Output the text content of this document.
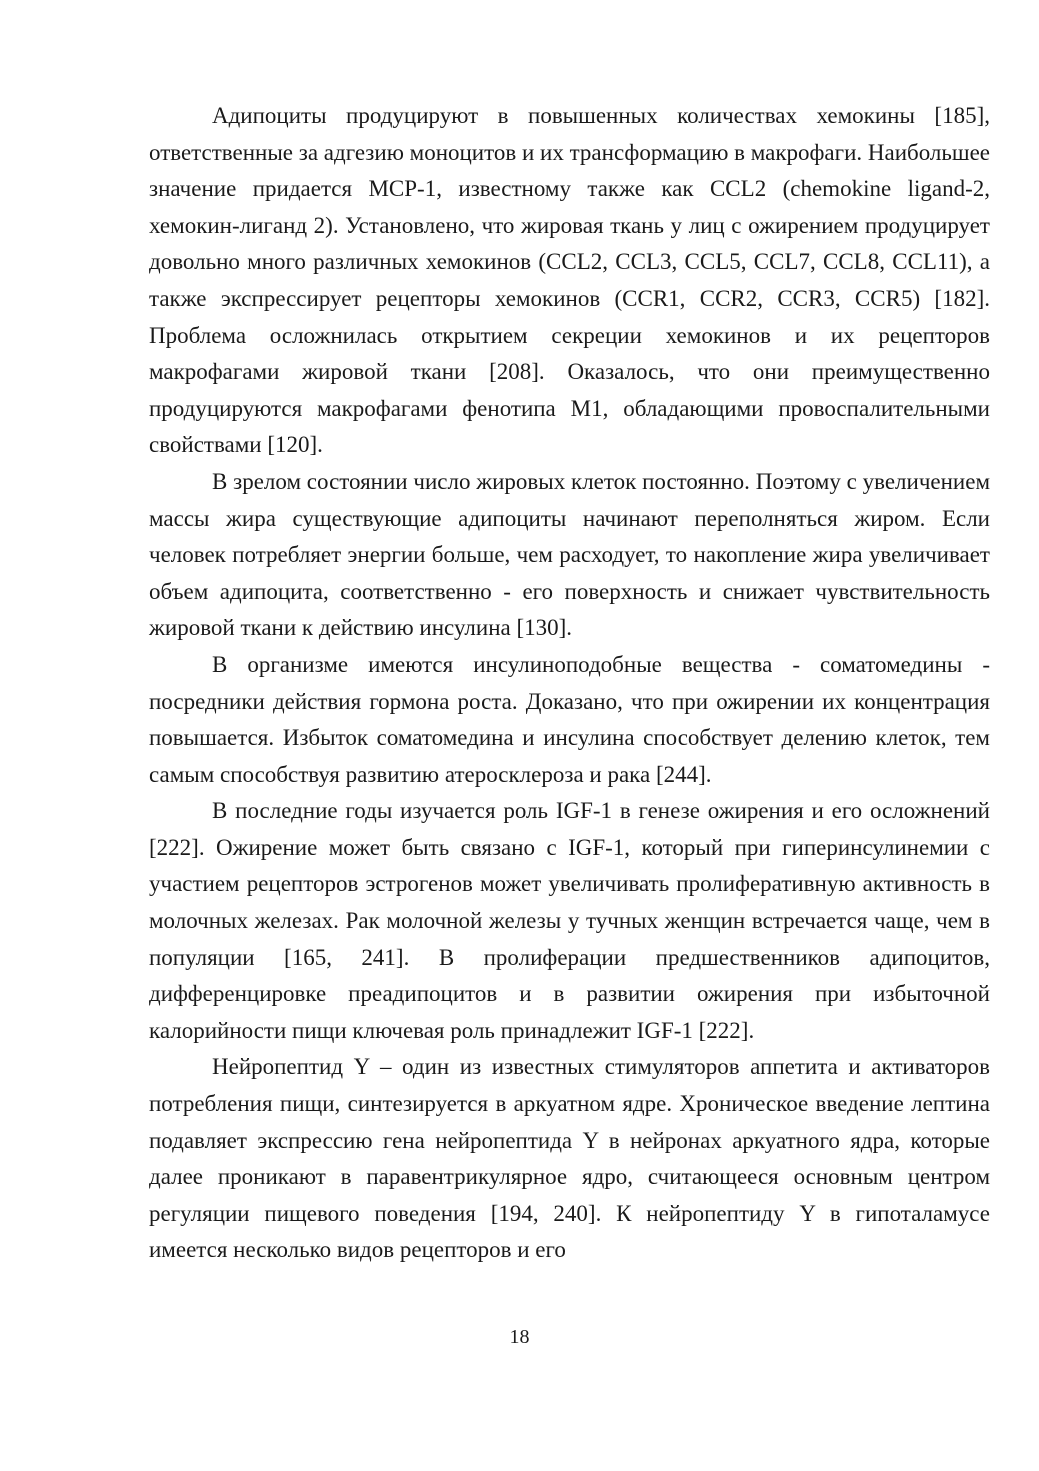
Адипоциты продуцируют в повышенных количествах хемокины [185], ответственные за адгезию моноцитов и их трансформацию в макрофаги. Наибольшее значение придается MCP-1, известному также как CCL2 (chemokine ligand-2, хемокин-лиганд 2). Установлено, что жировая ткань у лиц с ожирением продуцирует довольно много различных хемокинов (CCL2, CCL3, CCL5, CCL7, CCL8, CCL11), а также экспрессирует рецепторы хемокинов (CCR1, CCR2, CCR3, CCR5) [182]. Проблема осложнилась открытием секреции хемокинов и их рецепторов макрофагами жировой ткани [208]. Оказалось, что они преимущественно продуцируются макрофагами фенотипа M1, обладающими провоспалительными свойствами [120].

В зрелом состоянии число жировых клеток постоянно. Поэтому с увеличением массы жира существующие адипоциты начинают переполняться жиром. Если человек потребляет энергии больше, чем расходует, то накопление жира увеличивает объем адипоцита, соответственно - его поверхность и снижает чувствительность жировой ткани к действию инсулина [130].

В организме имеются инсулиноподобные вещества - соматомедины - посредники действия гормона роста. Доказано, что при ожирении их концентрация повышается. Избыток соматомедина и инсулина способствует делению клеток, тем самым способствуя развитию атеросклероза и рака [244].

В последние годы изучается роль IGF-1 в генезе ожирения и его осложнений [222]. Ожирение может быть связано с IGF-1, который при гиперинсулинемии с участием рецепторов эстрогенов может увеличивать пролиферативную активность в молочных железах. Рак молочной железы у тучных женщин встречается чаще, чем в популяции [165, 241]. В пролиферации предшественников адипоцитов, дифференцировке преадипоцитов и в развитии ожирения при избыточной калорийности пищи ключевая роль принадлежит IGF-1 [222].

Нейропептид Y – один из известных стимуляторов аппетита и активаторов потребления пищи, синтезируется в аркуатном ядре. Хроническое введение лептина подавляет экспрессию гена нейропептида Y в нейронах аркуатного ядра, которые далее проникают в паравентрикулярное ядро, считающееся основным центром регуляции пищевого поведения [194, 240]. К нейропептиду Y в гипоталамусе имеется несколько видов рецепторов и его

18
